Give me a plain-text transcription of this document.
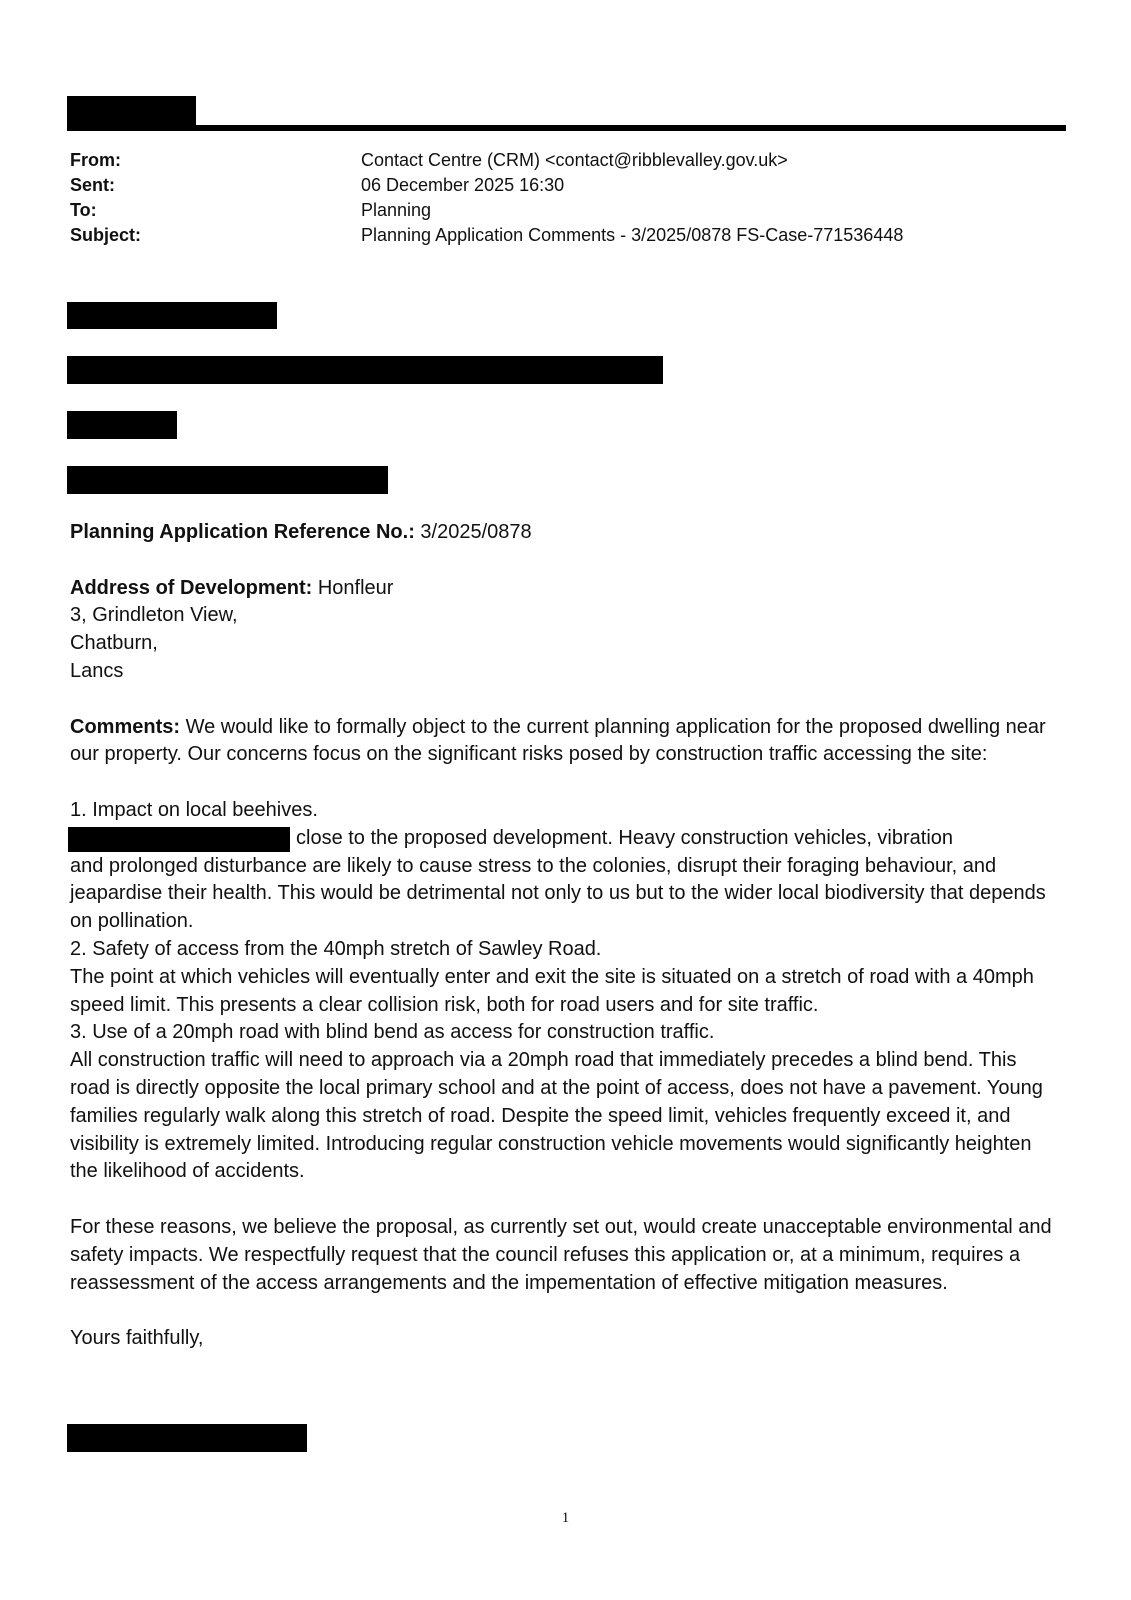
From:	Contact Centre (CRM) <contact@ribblevalley.gov.uk>
Sent:	06 December 2025 16:30
To:	Planning
Subject:	Planning Application Comments - 3/2025/0878 FS-Case-771536448

Planning Application Reference No.: 3/2025/0878

Address of Development: Honfleur

3, Grindleton View,

Chatburn,

Lancs

Comments: We would like to formally object to the current planning application for the proposed dwelling near our property. Our concerns focus on the significant risks posed by construction traffic accessing the site:

1. Impact on local beehives.

close to the proposed development. Heavy construction vehicles, vibration
and prolonged disturbance are likely to cause stress to the colonies, disrupt their foraging behaviour, and jeapardise their health. This would be detrimental not only to us but to the wider local biodiversity that depends on pollination.

2. Safety of access from the 40mph stretch of Sawley Road.

The point at which vehicles will eventually enter and exit the site is situated on a stretch of road with a 40mph speed limit. This presents a clear collision risk, both for road users and for site traffic.

3. Use of a 20mph road with blind bend as access for construction traffic.

All construction traffic will need to approach via a 20mph road that immediately precedes a blind bend. This road is directly opposite the local primary school and at the point of access, does not have a pavement. Young families regularly walk along this stretch of road. Despite the speed limit, vehicles frequently exceed it, and visibility is extremely limited. Introducing regular construction vehicle movements would significantly heighten the likelihood of accidents.

For these reasons, we believe the proposal, as currently set out, would create unacceptable environmental and safety impacts. We respectfully request that the council refuses this application or, at a minimum, requires a reassessment of the access arrangements and the impementation of effective mitigation measures.

Yours faithfully,

1
